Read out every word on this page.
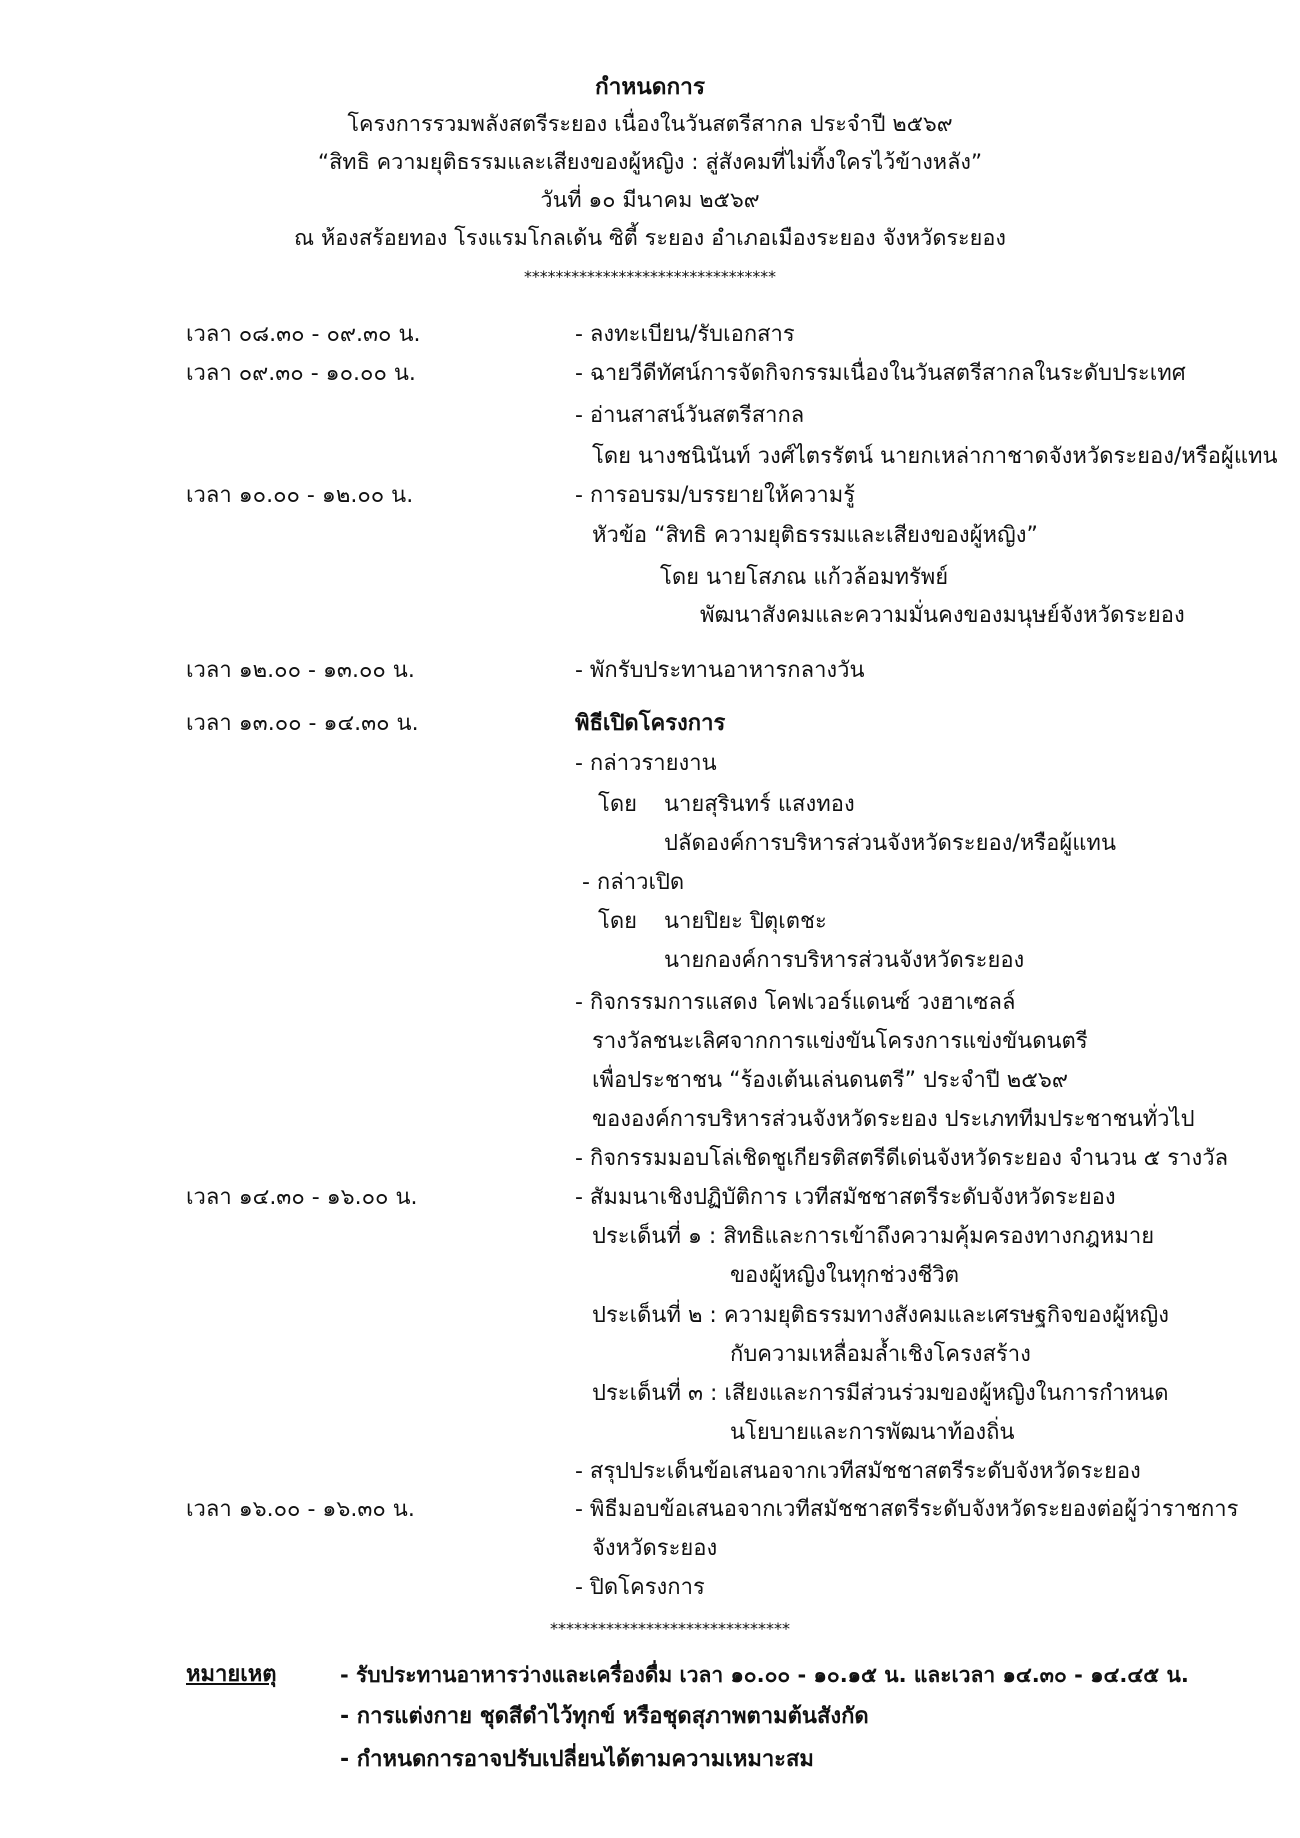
กำหนดการ
โครงการรวมพลังสตรีระยอง เนื่องในวันสตรีสากล ประจำปี ๒๕๖๙
“สิทธิ ความยุติธรรมและเสียงของผู้หญิง : สู่สังคมที่ไม่ทิ้งใครไว้ข้างหลัง”
วันที่ ๑๐ มีนาคม ๒๕๖๙
ณ ห้องสร้อยทอง โรงแรมโกลเด้น ซิตี้ ระยอง อำเภอเมืองระยอง จังหวัดระยอง
********************************
เวลา ๐๘.๓๐ - ๐๙.๓๐ น.
เวลา ๐๙.๓๐ - ๑๐.๐๐ น.
เวลา ๑๐.๐๐ - ๑๒.๐๐ น.
เวลา ๑๒.๐๐ - ๑๓.๐๐ น.
เวลา ๑๓.๐๐ - ๑๔.๓๐ น.
เวลา ๑๔.๓๐ - ๑๖.๐๐ น.
เวลา ๑๖.๐๐ - ๑๖.๓๐ น.
- ลงทะเบียน/รับเอกสาร
- ฉายวีดีทัศน์การจัดกิจกรรมเนื่องในวันสตรีสากลในระดับประเทศ
- อ่านสาสน์วันสตรีสากล
โดย นางชนินันท์ วงศ์ไตรรัตน์ นายกเหล่ากาชาดจังหวัดระยอง/หรือผู้แทน
- การอบรม/บรรยายให้ความรู้
หัวข้อ “สิทธิ ความยุติธรรมและเสียงของผู้หญิง”
โดย นายโสภณ แก้วล้อมทรัพย์
พัฒนาสังคมและความมั่นคงของมนุษย์จังหวัดระยอง
- พักรับประทานอาหารกลางวัน
พิธีเปิดโครงการ
- กล่าวรายงาน
โดย นายสุรินทร์ แสงทอง
ปลัดองค์การบริหารส่วนจังหวัดระยอง/หรือผู้แทน
- กล่าวเปิด
โดย นายปิยะ ปิตุเตชะ
นายกองค์การบริหารส่วนจังหวัดระยอง
- กิจกรรมการแสดง โคฟเวอร์แดนซ์ วงฮาเซลล์
รางวัลชนะเลิศจากการแข่งขันโครงการแข่งขันดนตรี
เพื่อประชาชน “ร้องเต้นเล่นดนตรี” ประจำปี ๒๕๖๙
ขององค์การบริหารส่วนจังหวัดระยอง ประเภททีมประชาชนทั่วไป
- กิจกรรมมอบโล่เชิดชูเกียรติสตรีดีเด่นจังหวัดระยอง จำนวน ๕ รางวัล
- สัมมนาเชิงปฏิบัติการ เวทีสมัชชาสตรีระดับจังหวัดระยอง
ประเด็นที่ ๑ : สิทธิและการเข้าถึงความคุ้มครองทางกฎหมาย
ของผู้หญิงในทุกช่วงชีวิต
ประเด็นที่ ๒ : ความยุติธรรมทางสังคมและเศรษฐกิจของผู้หญิง
กับความเหลื่อมล้ำเชิงโครงสร้าง
ประเด็นที่ ๓ : เสียงและการมีส่วนร่วมของผู้หญิงในการกำหนด
นโยบายและการพัฒนาท้องถิ่น
- สรุปประเด็นข้อเสนอจากเวทีสมัชชาสตรีระดับจังหวัดระยอง
- พิธีมอบข้อเสนอจากเวทีสมัชชาสตรีระดับจังหวัดระยองต่อผู้ว่าราชการ
จังหวัดระยอง
- ปิดโครงการ
******************************
หมายเหตุ	- รับประทานอาหารว่างและเครื่องดื่ม เวลา ๑๐.๐๐ - ๑๐.๑๕ น. และเวลา ๑๔.๓๐ - ๑๔.๔๕ น.
- การแต่งกาย ชุดสีดำไว้ทุกข์ หรือชุดสุภาพตามต้นสังกัด
- กำหนดการอาจปรับเปลี่ยนได้ตามความเหมาะสม
